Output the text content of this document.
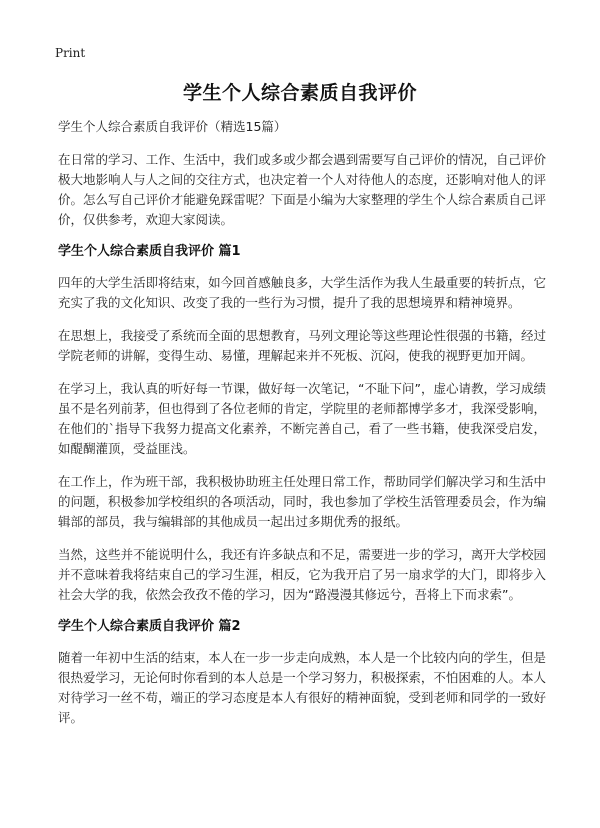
Print
学生个人综合素质自我评价
学生个人综合素质自我评价（精选15篇）

在日常的学习、工作、生活中，我们或多或少都会遇到需要写自己评价的情况，自己评价极大地影响人与人之间的交往方式，也决定着一个人对待他人的态度，还影响对他人的评价。怎么写自己评价才能避免踩雷呢？下面是小编为大家整理的学生个人综合素质自己评价，仅供参考，欢迎大家阅读。

学生个人综合素质自我评价 篇1

四年的大学生活即将结束，如今回首感触良多，大学生活作为我人生最重要的转折点，它充实了我的文化知识、改变了我的一些行为习惯，提升了我的思想境界和精神境界。

在思想上，我接受了系统而全面的思想教育，马列文理论等这些理论性很强的书籍，经过学院老师的讲解，变得生动、易懂，理解起来并不死板、沉闷，使我的视野更加开阔。

在学习上，我认真的听好每一节课，做好每一次笔记，“不耻下问”，虚心请教，学习成绩虽不是名列前茅，但也得到了各位老师的肯定，学院里的老师都博学多才，我深受影响，在他们的`指导下我努力提高文化素养，不断完善自己，看了一些书籍，使我深受启发，如醍醐灌顶，受益匪浅。

在工作上，作为班干部，我积极协助班主任处理日常工作，帮助同学们解决学习和生活中的问题，积极参加学校组织的各项活动，同时，我也参加了学校生活管理委员会，作为编辑部的部员，我与编辑部的其他成员一起出过多期优秀的报纸。

当然，这些并不能说明什么，我还有许多缺点和不足，需要进一步的学习，离开大学校园并不意味着我将结束自己的学习生涯，相反，它为我开启了另一扇求学的大门，即将步入社会大学的我，依然会孜孜不倦的学习，因为“路漫漫其修远兮，吾将上下而求索”。

学生个人综合素质自我评价 篇2

随着一年初中生活的结束，本人在一步一步走向成熟，本人是一个比较内向的学生，但是很热爱学习，无论何时你看到的本人总是一个学习努力，积极探索，不怕困难的人。本人对待学习一丝不苟，端正的学习态度是本人有很好的精神面貌，受到老师和同学的一致好评。
